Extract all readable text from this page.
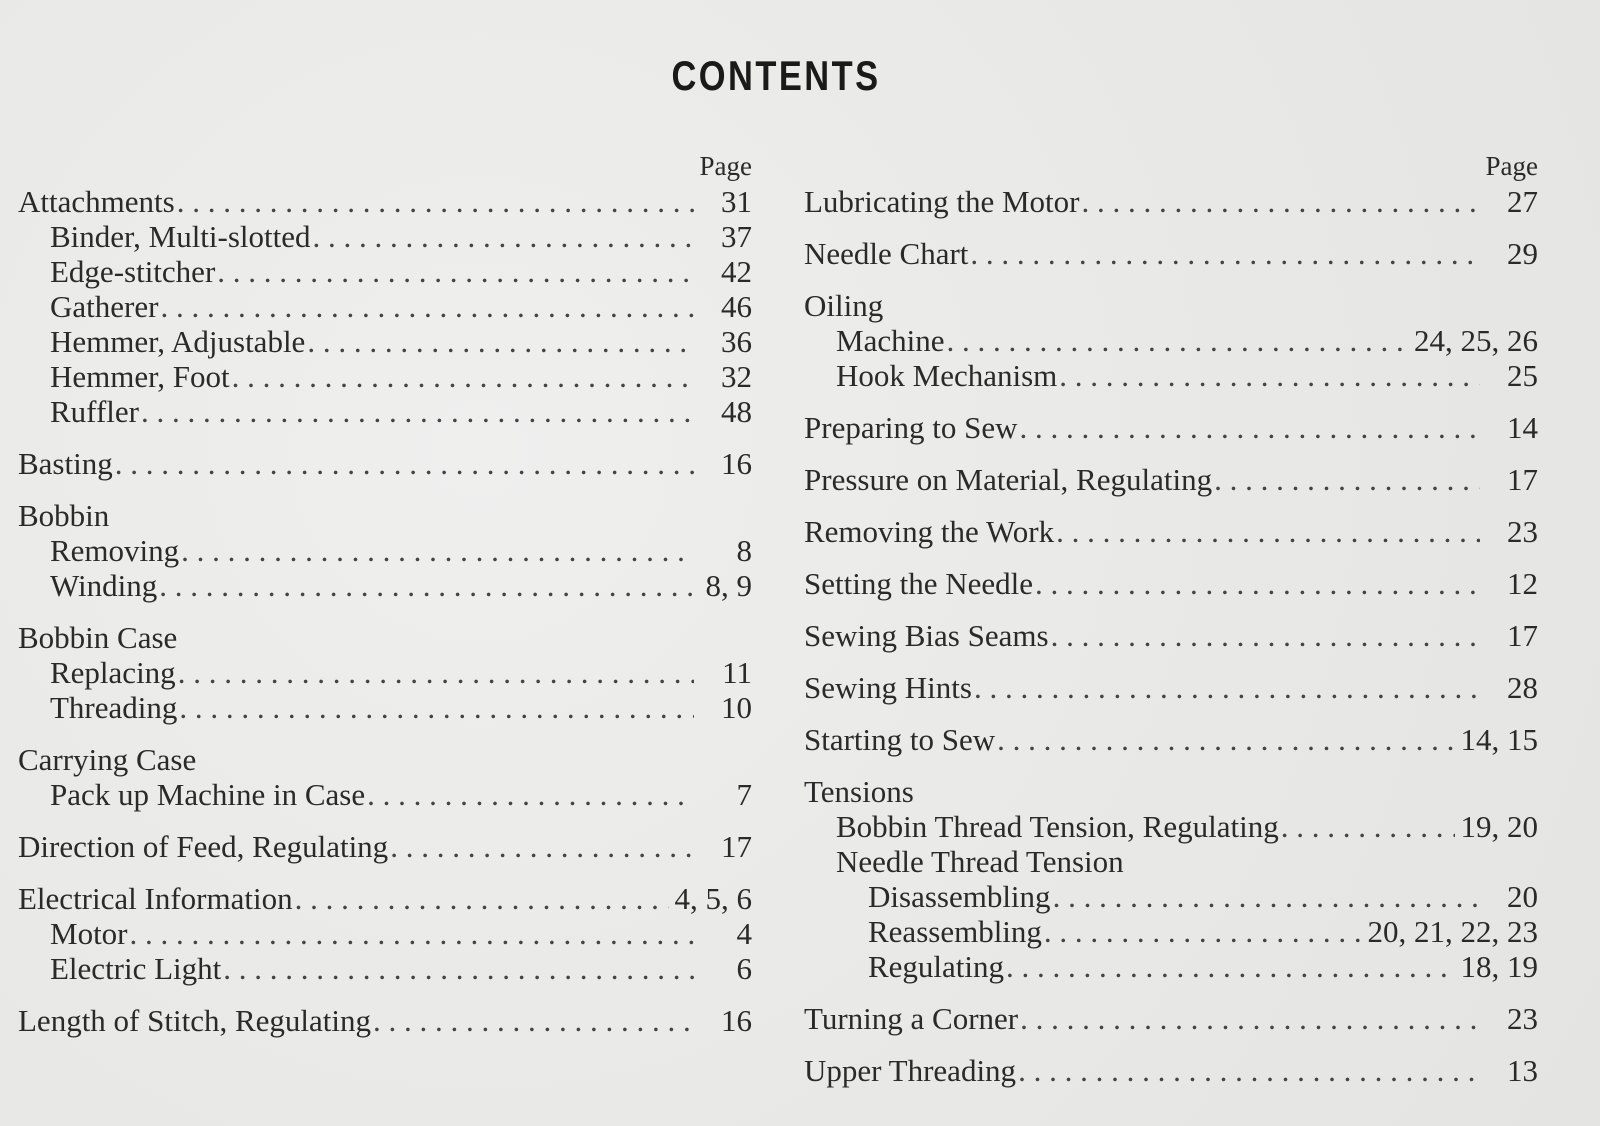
CONTENTS
Page
Attachments . . .	31
Binder, Multi-slotted . . .	37
Edge-stitcher . . .	42
Gatherer . . .	46
Hemmer, Adjustable . . .	36
Hemmer, Foot . . .	32
Ruffler . . .	48
Basting . . .	16
Bobbin
Removing . . .	8
Winding . . .	8, 9
Bobbin Case
Replacing . . .	11
Threading . . .	10
Carrying Case
Pack up Machine in Case . . .	7
Direction of Feed, Regulating . . .	17
Electrical Information . . .	4, 5, 6
Motor . . .	4
Electric Light . . .	6
Length of Stitch, Regulating . . .	16
Page
Lubricating the Motor . . .	27
Needle Chart . . .	29
Oiling
Machine . . .	24, 25, 26
Hook Mechanism . . .	25
Preparing to Sew . . .	14
Pressure on Material, Regulating . . .	17
Removing the Work . . .	23
Setting the Needle . . .	12
Sewing Bias Seams . . .	17
Sewing Hints . . .	28
Starting to Sew . . .	14, 15
Tensions
Bobbin Thread Tension, Regulating . . .	19, 20
Needle Thread Tension
Disassembling . . .	20
Reassembling . . .	20, 21, 22, 23
Regulating . . .	18, 19
Turning a Corner . . .	23
Upper Threading . . .	13
